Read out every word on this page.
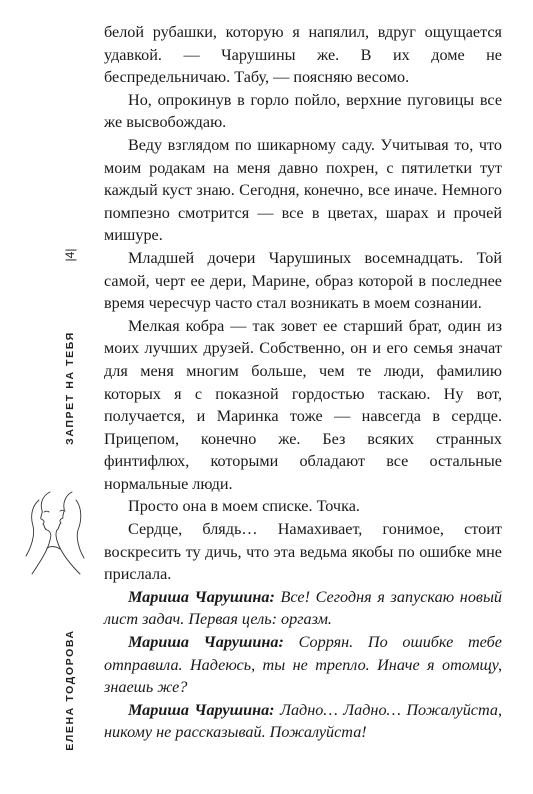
|4|
ЗАПРЕТ НА ТЕБЯ
ЕЛЕНА ТОДОРОВА

белой рубашки, которую я напялил, вдруг ощущается удавкой. — Чарушины же. В их доме не беспредельничаю. Табу, — поясняю весомо.

Но, опрокинув в горло пойло, верхние пуговицы все же высвобождаю.

Веду взглядом по шикарному саду. Учитывая то, что моим родакам на меня давно похрен, с пятилетки тут каждый куст знаю. Сегодня, конечно, все иначе. Немного помпезно смотрится — все в цветах, шарах и прочей мишуре.

Младшей дочери Чарушиных восемнадцать. Той самой, черт ее дери, Марине, образ которой в последнее время чересчур часто стал возникать в моем сознании.

Мелкая кобра — так зовет ее старший брат, один из моих лучших друзей. Собственно, он и его семья значат для меня многим больше, чем те люди, фамилию которых я с показной гордостью таскаю. Ну вот, получается, и Маринка тоже — навсегда в сердце. Прицепом, конечно же. Без всяких странных финтифлюх, которыми обладают все остальные нормальные люди.

Просто она в моем списке. Точка.

Сердце, блядь… Намахивает, гонимое, стоит воскресить ту дичь, что эта ведьма якобы по ошибке мне прислала.

Мариша Чарушина: Все! Сегодня я запускаю новый лист задач. Первая цель: оргазм.

Мариша Чарушина: Соррян. По ошибке тебе отправила. Надеюсь, ты не трепло. Иначе я отомщу, знаешь же?

Мариша Чарушина: Ладно… Ладно… Пожалуйста, никому не рассказывай. Пожалуйста!
